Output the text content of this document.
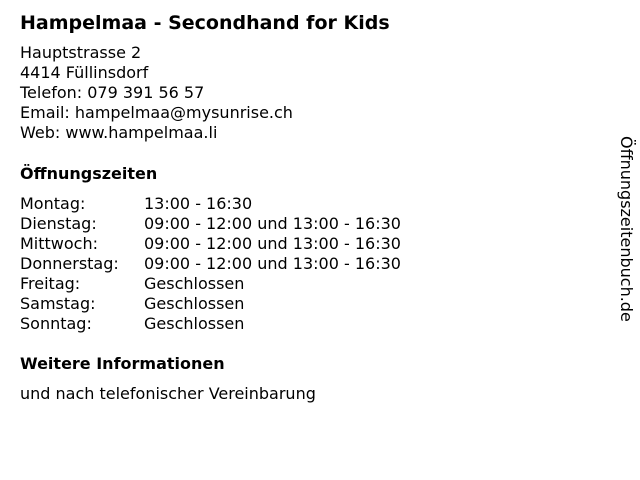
Hampelmaa - Secondhand for Kids
Hauptstrasse 2
4414 Füllinsdorf
Telefon: 079 391 56 57
Email: hampelmaa@mysunrise.ch
Web: www.hampelmaa.li
Öffnungszeiten
Montag:	13:00 - 16:30
Dienstag:	09:00 - 12:00 und 13:00 - 16:30
Mittwoch:	09:00 - 12:00 und 13:00 - 16:30
Donnerstag:	09:00 - 12:00 und 13:00 - 16:30
Freitag:	Geschlossen
Samstag:	Geschlossen
Sonntag:	Geschlossen
Weitere Informationen
und nach telefonischer Vereinbarung
Öffnungszeitenbuch.de
